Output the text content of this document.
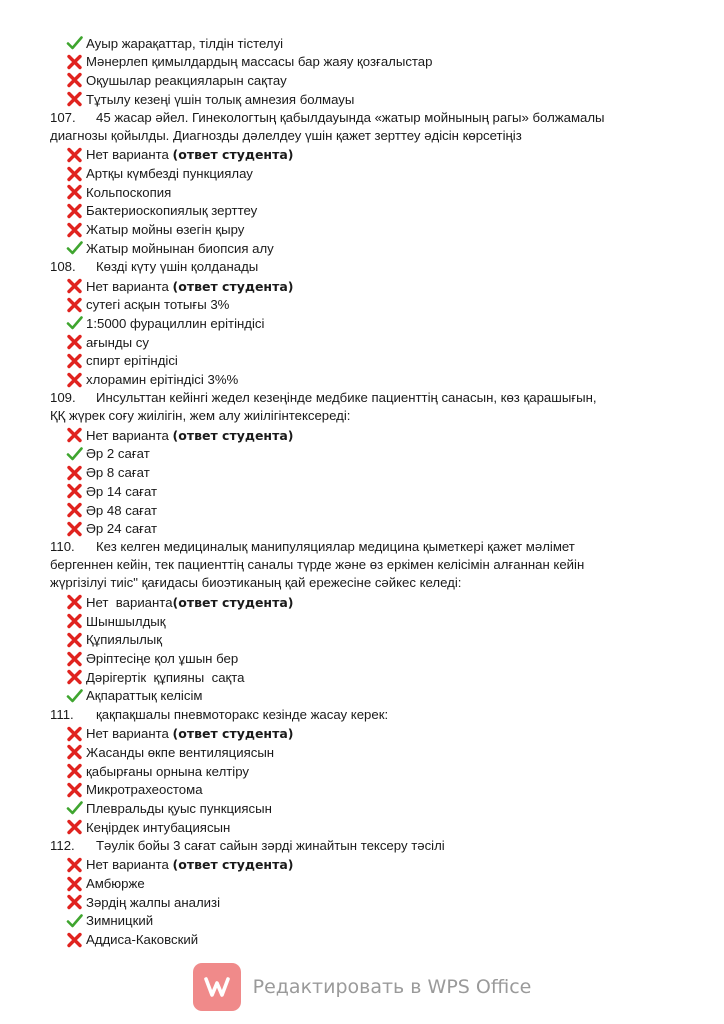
Ауыр жарақаттар, тілдін тістелуі
Мәнерлеп қимылдардың массасы бар жаяу қозғалыстар
Оқушылар реакцияларын сақтау
Тұтылу кезеңі үшін толық амнезия болмауы
107. 45 жасар әйел. Гинекологтың қабылдауында «жатыр мойнының рагы» болжамалы
диагнозы қойылды. Диагнозды дәлелдеу үшін қажет зерттеу әдісін көрсетіңіз
Нет варианта (ответ студента)
Артқы күмбезді пункциялау
Кольпоскопия
Бактериоскопиялық зерттеу
Жатыр мойны өзегін қыру
Жатыр мойнынан биопсия алу
108. Көзді күту үшін қолданады
Нет варианта (ответ студента)
сутегі асқын тотығы 3%
1:5000 фурациллин ерітіндісі
ағынды су
спирт ерітіндісі
хлорамин ерітіндісі 3%%
109. Инсульттан кейінгі жедел кезеңінде медбике пациенттің санасын, көз қарашығын,
ҚҚ жүрек соғу жиілігін, жем алу жиілігінтексереді:
Нет варианта (ответ студента)
Әр 2 сағат
Әр 8 сағат
Әр 14 сағат
Әр 48 сағат
Әр 24 сағат
110. Кез келген медициналық манипуляциялар медицина қыметкері қажет мәлімет
бергеннен кейін, тек пациенттің саналы түрде және өз еркімен келісімін алғаннан кейін
жүргізілуі тиіс" қағидасы биоэтиканың қай ережесіне сәйкес келеді:
Нет  варианта (ответ студента)
Шыншылдық
Құпиялылық
Әріптесіңе қол ұшын бер
Дәрігертік  құпияны  сақта
Ақпараттық келісім
111. қақпақшалы пневмоторакс кезінде жасау керек:
Нет варианта (ответ студента)
Жасанды өкпе вентиляциясын
қабырғаны орнына келтіру
Микротрахеостома
Плевральды қуыс пункциясын
Кеңірдек интубациясын
112. Тәулік бойы 3 сағат сайын зәрді жинайтын тексеру тәсілі
Нет варианта (ответ студента)
Амбюрже
Зәрдің жалпы анализі
Зимницкий
Аддиса-Каковский
Редактировать в WPS Office
